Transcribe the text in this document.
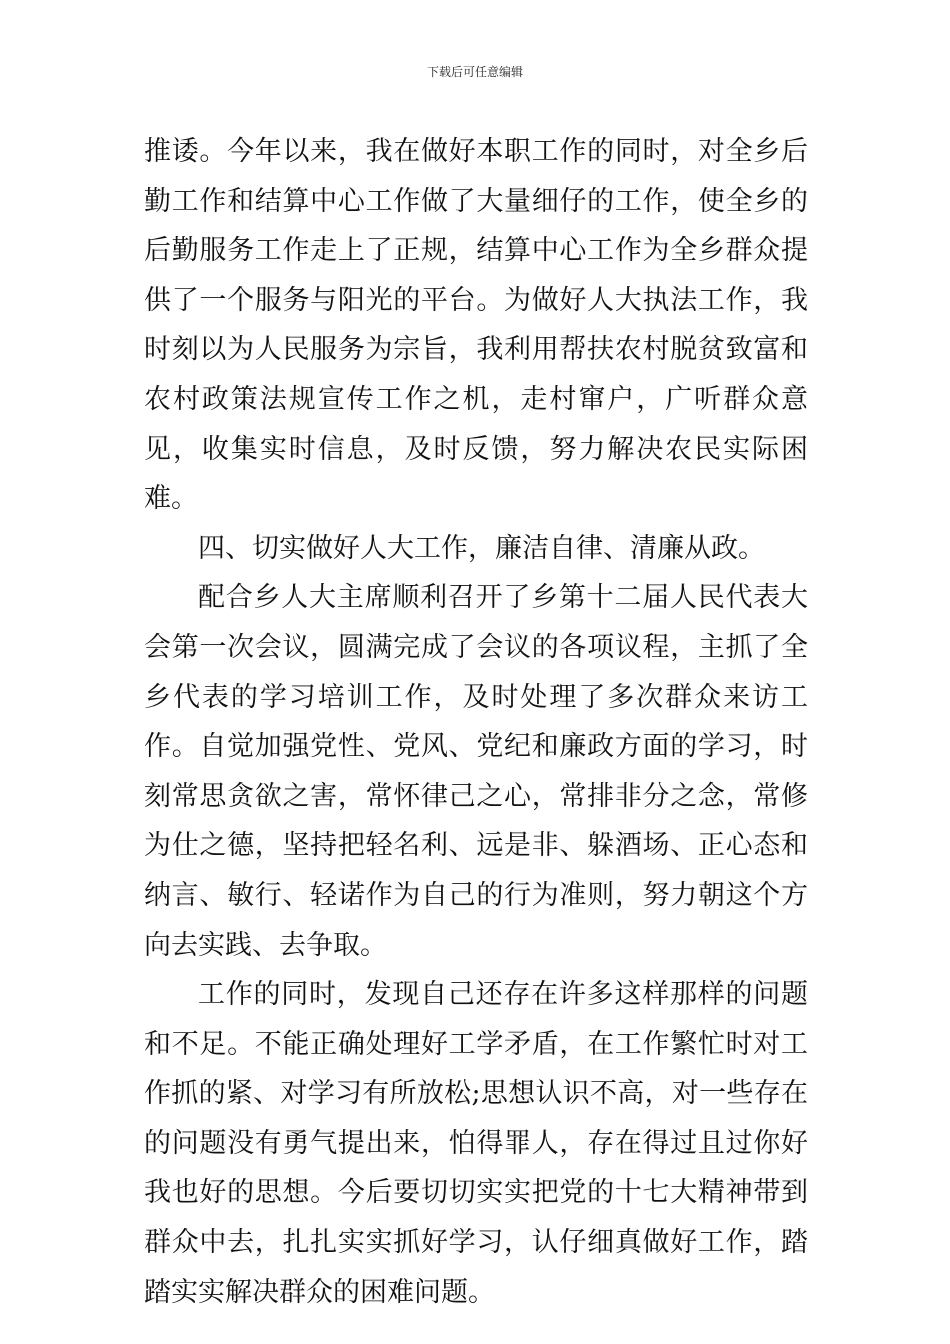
下载后可任意编辑

推诿。今年以来，我在做好本职工作的同时，对全乡后勤工作和结算中心工作做了大量细仔的工作，使全乡的后勤服务工作走上了正规，结算中心工作为全乡群众提供了一个服务与阳光的平台。为做好人大执法工作，我时刻以为人民服务为宗旨，我利用帮扶农村脱贫致富和农村政策法规宣传工作之机，走村窜户，广听群众意见，收集实时信息，及时反馈，努力解决农民实际困难。

四、切实做好人大工作，廉洁自律、清廉从政。

配合乡人大主席顺利召开了乡第十二届人民代表大会第一次会议，圆满完成了会议的各项议程，主抓了全乡代表的学习培训工作，及时处理了多次群众来访工作。自觉加强党性、党风、党纪和廉政方面的学习，时刻常思贪欲之害，常怀律己之心，常排非分之念，常修为仕之德，坚持把轻名利、远是非、躲酒场、正心态和纳言、敏行、轻诺作为自己的行为准则，努力朝这个方向去实践、去争取。

工作的同时，发现自己还存在许多这样那样的问题和不足。不能正确处理好工学矛盾，在工作繁忙时对工作抓的紧、对学习有所放松;思想认识不高，对一些存在的问题没有勇气提出来，怕得罪人，存在得过且过你好我也好的思想。今后要切切实实把党的十七大精神带到群众中去，扎扎实实抓好学习，认仔细真做好工作，踏踏实实解决群众的困难问题。
